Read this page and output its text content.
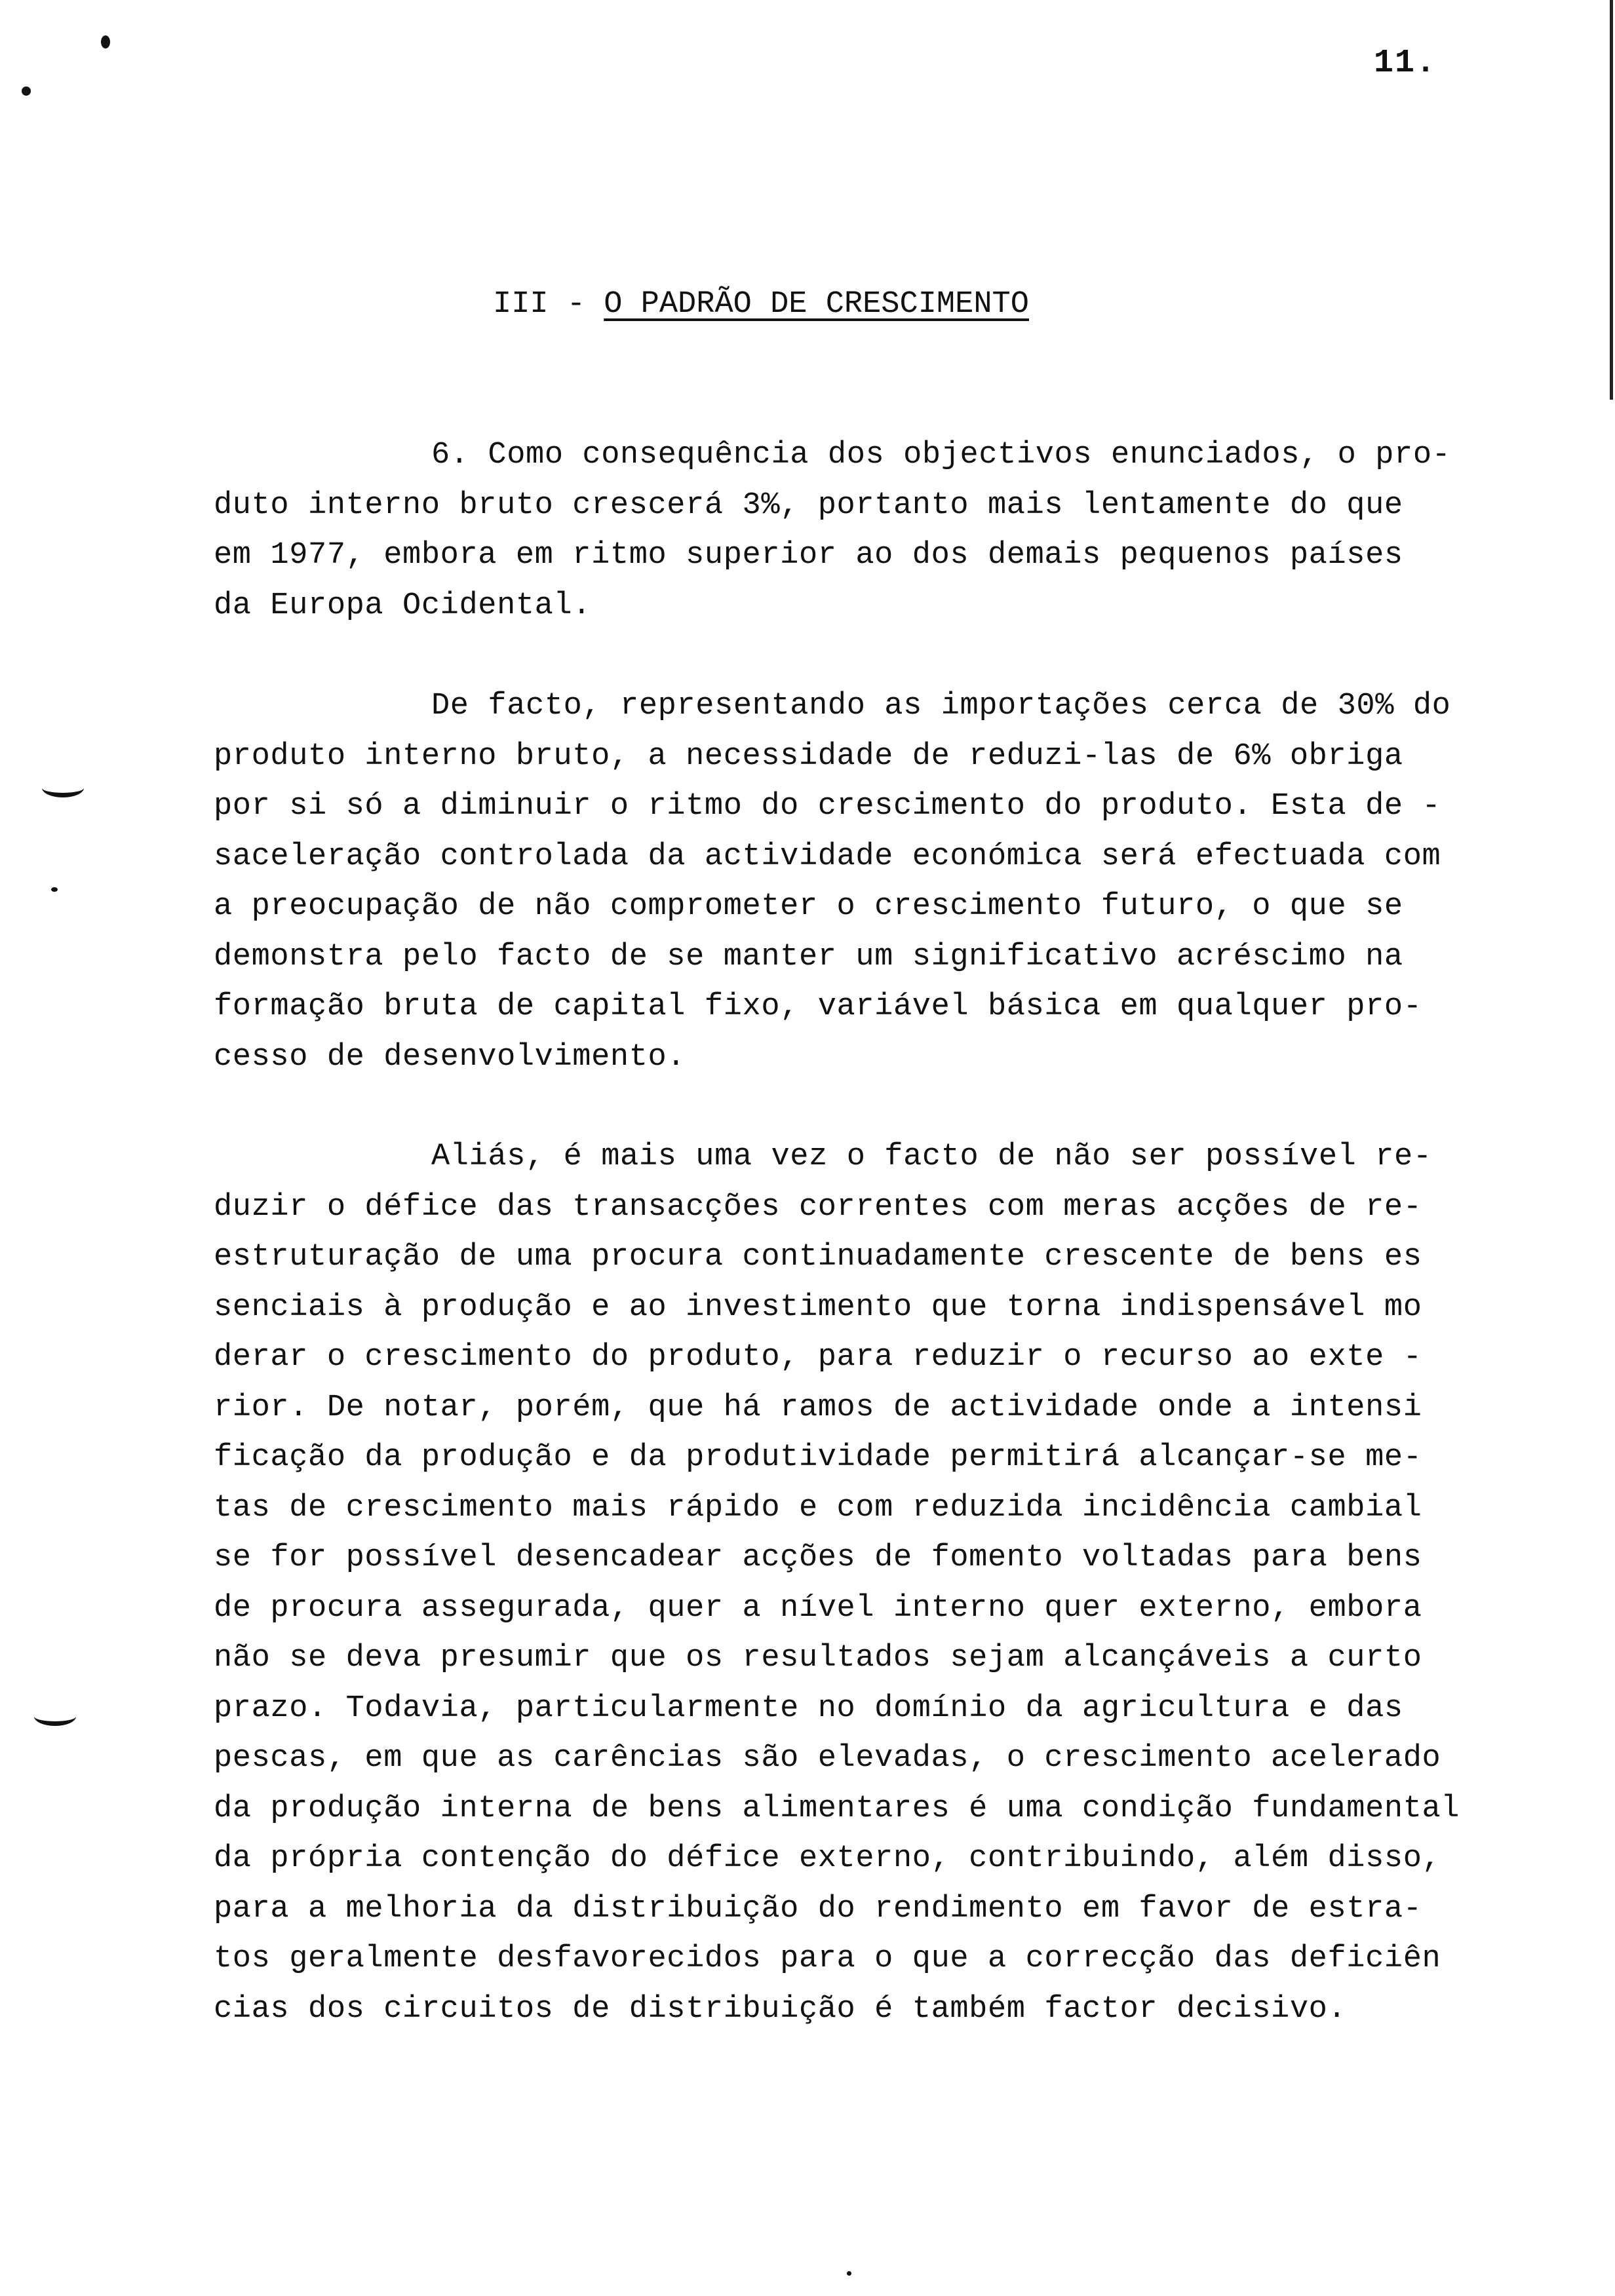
11.
III - O PADRÃO DE CRESCIMENTO
6. Como consequência dos objectivos enunciados, o pro-
duto interno bruto crescerá 3%, portanto mais lentamente do que
em 1977, embora em ritmo superior ao dos demais pequenos países
da Europa Ocidental.
De facto, representando as importações cerca de 30% do
produto interno bruto, a necessidade de reduzi-las de 6% obriga
por si só a diminuir o ritmo do crescimento do produto. Esta de -
saceleração controlada da actividade económica será efectuada com
a preocupação de não comprometer o crescimento futuro, o que se
demonstra pelo facto de se manter um significativo acréscimo na
formação bruta de capital fixo, variável básica em qualquer pro-
cesso de desenvolvimento.
Aliás, é mais uma vez o facto de não ser possível re-
duzir o défice das transacções correntes com meras acções de re-
estruturação de uma procura continuadamente crescente de bens es
senciais à produção e ao investimento que torna indispensável mo
derar o crescimento do produto, para reduzir o recurso ao exte -
rior. De notar, porém, que há ramos de actividade onde a intensi
ficação da produção e da produtividade permitirá alcançar-se me-
tas de crescimento mais rápido e com reduzida incidência cambial
se for possível desencadear acções de fomento voltadas para bens
de procura assegurada, quer a nível interno quer externo, embora
não se deva presumir que os resultados sejam alcançáveis a curto
prazo. Todavia, particularmente no domínio da agricultura e das
pescas, em que as carências são elevadas, o crescimento acelerado
da produção interna de bens alimentares é uma condição fundamental
da própria contenção do défice externo, contribuindo, além disso,
para a melhoria da distribuição do rendimento em favor de estra-
tos geralmente desfavorecidos para o que a correcção das deficiên
cias dos circuitos de distribuição é também factor decisivo.
